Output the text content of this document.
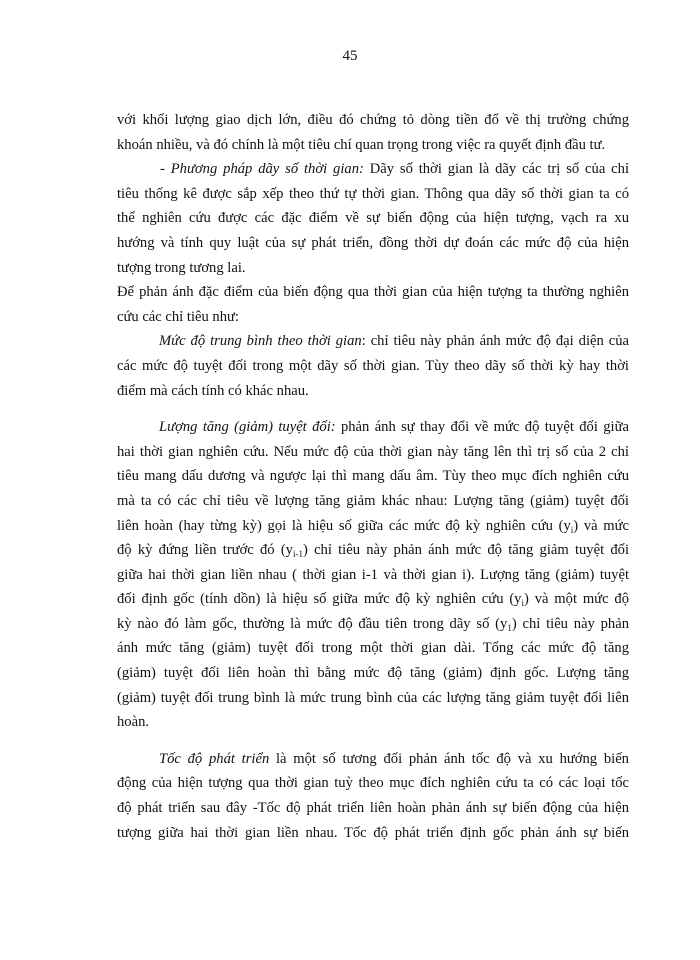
45
với khối lượng giao dịch lớn, điều đó chứng tỏ dòng tiền đổ về thị trường chứng
khoán nhiều, và đó chính là một tiêu chí quan trọng trong việc ra quyết định đầu tư.
- Phương pháp dãy số thời gian: Dãy số thời gian là dãy các trị số của chỉ
tiêu thống kê được sắp xếp theo thứ tự thời gian. Thông qua dãy số thời gian ta có
thể nghiên cứu được các đặc điểm về sự biến động của hiện tượng, vạch ra xu
hướng và tính quy luật của sự phát triển, đồng thời dự đoán các mức độ của hiện
tượng trong tương lai.
Để phản ánh đặc điểm của biến động qua thời gian của hiện tượng ta thường nghiên
cứu các chỉ tiêu như:
Mức độ trung bình theo thời gian: chỉ tiêu này phản ánh mức độ đại diện của
các mức độ tuyệt đối trong một dãy số thời gian. Tùy theo dãy số thời kỳ hay thời
điểm mà cách tính có khác nhau.
Lượng tăng (giảm) tuyệt đối: phản ánh sự thay đổi về mức độ tuyệt đối giữa
hai thời gian nghiên cứu. Nếu mức độ của thời gian này tăng lên thì trị số của 2 chỉ
tiêu mang dấu dương và ngược lại thì mang dấu âm. Tùy theo mục đích nghiên cứu
mà ta có các chỉ tiêu về lượng tăng giảm khác nhau: Lượng tăng (giảm) tuyệt đối
liên hoàn (hay từng kỳ) gọi là hiệu số giữa các mức độ kỳ nghiên cứu $(y_i)$ và mức
độ kỳ đứng liền trước đó $(y_{i-1})$ chỉ tiêu này phản ánh mức độ tăng giảm tuyệt đối
giữa hai thời gian liền nhau ( thời gian i-1 và thời gian i). Lượng tăng (giảm) tuyệt
đối định gốc (tính dồn) là hiệu số giữa mức độ kỳ nghiên cứu $(y_i)$ và một mức độ
kỳ nào đó làm gốc, thường là mức độ đầu tiên trong dãy số $(y_1)$ chỉ tiêu này phản
ánh mức tăng (giảm) tuyệt đối trong một thời gian dài. Tổng các mức độ tăng
(giảm) tuyệt đối liên hoàn thì bằng mức độ tăng (giảm) định gốc. Lượng tăng
(giảm) tuyệt đối trung bình là mức trung bình của các lượng tăng giảm tuyệt đối liên
hoàn.
Tốc độ phát triển là một số tương đối phản ánh tốc độ và xu hướng biến
động của hiện tượng qua thời gian tuỳ theo mục đích nghiên cứu ta có các loại tốc
độ phát triển sau đây -Tốc độ phát triển liên hoàn phản ánh sự biến động của hiện
tượng giữa hai thời gian liền nhau. Tốc độ phát triển định gốc phản ánh sự biến
